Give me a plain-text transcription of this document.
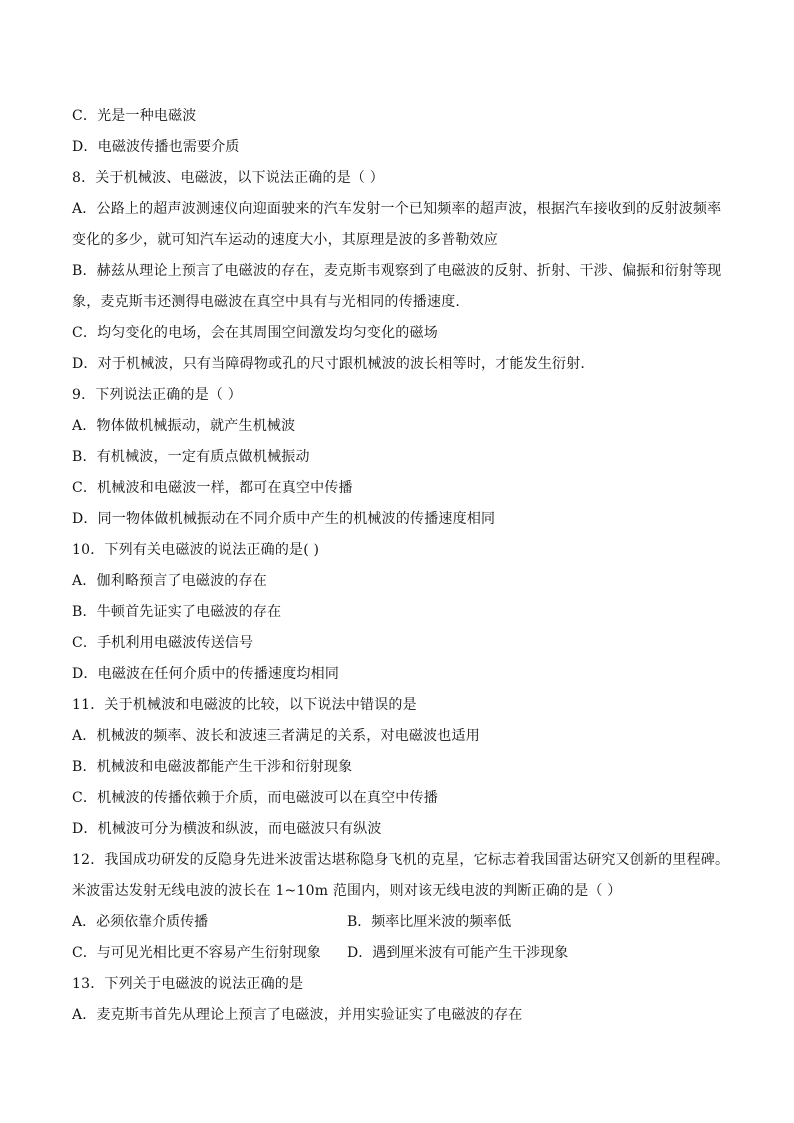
C．光是一种电磁波
D．电磁波传播也需要介质
8．关于机械波、电磁波，以下说法正确的是（ ）
A．公路上的超声波测速仪向迎面驶来的汽车发射一个已知频率的超声波，根据汽车接收到的反射波频率
变化的多少，就可知汽车运动的速度大小，其原理是波的多普勒效应
B．赫兹从理论上预言了电磁波的存在，麦克斯韦观察到了电磁波的反射、折射、干涉、偏振和衍射等现
象，麦克斯韦还测得电磁波在真空中具有与光相同的传播速度.
C．均匀变化的电场，会在其周围空间激发均匀变化的磁场
D．对于机械波，只有当障碍物或孔的尺寸跟机械波的波长相等时，才能发生衍射.
9．下列说法正确的是（ ）
A．物体做机械振动，就产生机械波
B．有机械波，一定有质点做机械振动
C．机械波和电磁波一样，都可在真空中传播
D．同一物体做机械振动在不同介质中产生的机械波的传播速度相同
10．下列有关电磁波的说法正确的是( )
A．伽利略预言了电磁波的存在
B．牛顿首先证实了电磁波的存在
C．手机利用电磁波传送信号
D．电磁波在任何介质中的传播速度均相同
11．关于机械波和电磁波的比较，以下说法中错误的是
A．机械波的频率、波长和波速三者满足的关系，对电磁波也适用
B．机械波和电磁波都能产生干涉和衍射现象
C．机械波的传播依赖于介质，而电磁波可以在真空中传播
D．机械波可分为横波和纵波，而电磁波只有纵波
12．我国成功研发的反隐身先进米波雷达堪称隐身飞机的克星，它标志着我国雷达研究又创新的里程碑。
米波雷达发射无线电波的波长在 1~10m 范围内，则对该无线电波的判断正确的是（ ）
A．必须依靠介质传播	B．频率比厘米波的频率低
C．与可见光相比更不容易产生衍射现象	D．遇到厘米波有可能产生干涉现象
13．下列关于电磁波的说法正确的是
A．麦克斯韦首先从理论上预言了电磁波，并用实验证实了电磁波的存在
